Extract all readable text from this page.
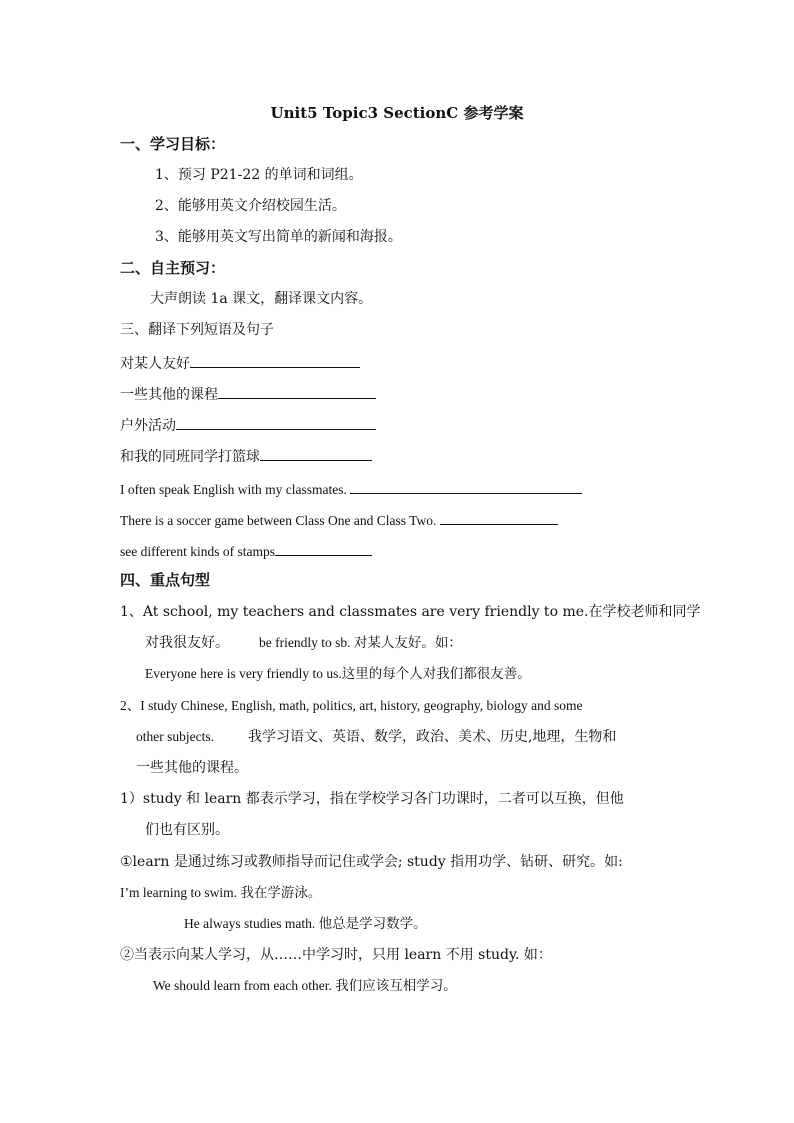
Unit5 Topic3 SectionC 参考学案
一、学习目标：
1、预习 P21-22 的单词和词组。
2、能够用英文介绍校园生活。
3、能够用英文写出简单的新闻和海报。
二、自主预习：
大声朗读 1a 课文，翻译课文内容。
三、翻译下列短语及句子
对某人友好
一些其他的课程
户外活动
和我的同班同学打篮球
I often speak English with my classmates.
There is a soccer game between Class One and Class Two.
see different kinds of stamps
四、重点句型
1、At school, my teachers and classmates are very friendly to me.在学校老师和同学
对我很友好。 be friendly to sb. 对某人友好。如：
Everyone here is very friendly to us.这里的每个人对我们都很友善。
2、I study Chinese, English, math, politics, art, history, geography, biology and some
other subjects. 我学习语文、英语、数学，政治、美术、历史,地理，生物和
一些其他的课程。
1）study 和 learn 都表示学习，指在学校学习各门功课时，二者可以互换，但他
们也有区别。
①learn 是通过练习或教师指导而记住或学会; study 指用功学、钻研、研究。如:
I’m learning to swim. 我在学游泳。
He always studies math. 他总是学习数学。
②当表示向某人学习，从……中学习时，只用 learn 不用 study. 如：
We should learn from each other. 我们应该互相学习。
